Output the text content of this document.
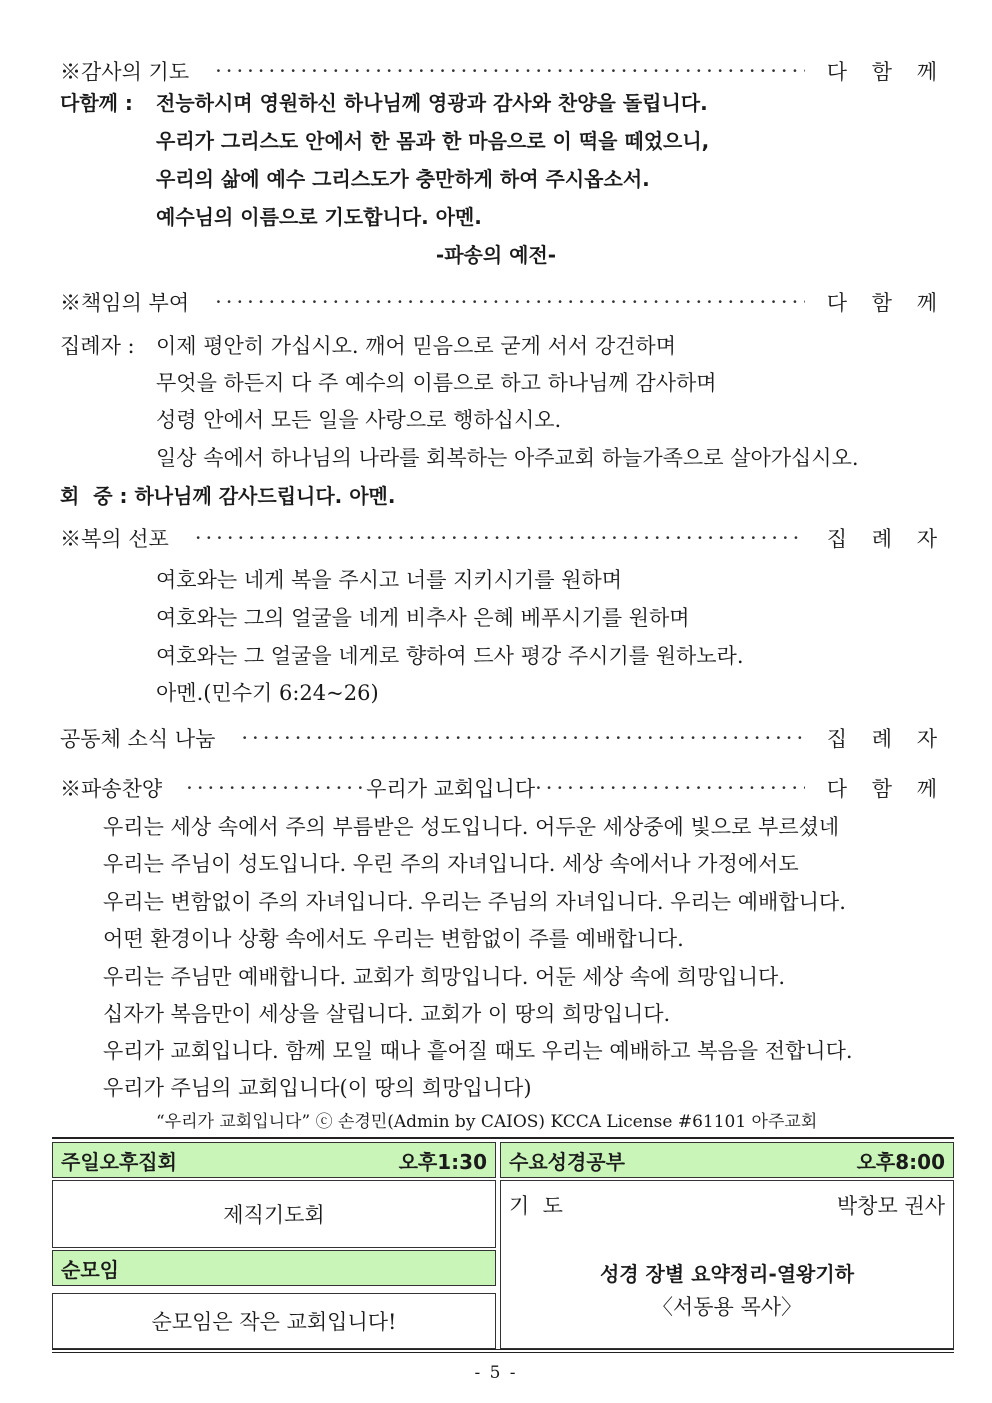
※감사의 기도 ·····	다 함 께
다함께 : 전능하시며 영원하신 하나님께 영광과 감사와 찬양을 돌립니다.
우리가 그리스도 안에서 한 몸과 한 마음으로 이 떡을 떼었으니,
우리의 삶에 예수 그리스도가 충만하게 하여 주시옵소서.
예수님의 이름으로 기도합니다. 아멘.
-파송의 예전-
※책임의 부여 ·····	다 함 께
집례자 : 이제 평안히 가십시오. 깨어 믿음으로 굳게 서서 강건하며
무엇을 하든지 다 주 예수의 이름으로 하고 하나님께 감사하며
성령 안에서 모든 일을 사랑으로 행하십시오.
일상 속에서 하나님의 나라를 회복하는 아주교회 하늘가족으로 살아가십시오.
회  중 : 하나님께 감사드립니다. 아멘.
※복의 선포 ·····	집 례 자
여호와는 네게 복을 주시고 너를 지키시기를 원하며
여호와는 그의 얼굴을 네게 비추사 은혜 베푸시기를 원하며
여호와는 그 얼굴을 네게로 향하여 드사 평강 주시기를 원하노라.
아멘.(민수기 6:24~26)
공동체 소식 나눔 ·····	집 례 자
※파송찬양 ·····	우리가 교회입니다 ·····	다 함 께
우리는 세상 속에서 주의 부름받은 성도입니다. 어두운 세상중에 빛으로 부르셨네
우리는 주님이 성도입니다. 우린 주의 자녀입니다. 세상 속에서나 가정에서도
우리는 변함없이 주의 자녀입니다. 우리는 주님의 자녀입니다. 우리는 예배합니다.
어떤 환경이나 상황 속에서도 우리는 변함없이 주를 예배합니다.
우리는 주님만 예배합니다. 교회가 희망입니다. 어둔 세상 속에 희망입니다.
십자가 복음만이 세상을 살립니다. 교회가 이 땅의 희망입니다.
우리가 교회입니다. 함께 모일 때나 흩어질 때도 우리는 예배하고 복음을 전합니다.
우리가 주님의 교회입니다(이 땅의 희망입니다)
“우리가 교회입니다” ⓒ 손경민(Admin by CAIOS) KCCA License #61101 아주교회
주일오후집회	오후1:30
제직기도회
순모임
순모임은 작은 교회입니다!
수요성경공부	오후8:00
기  도	박창모 권사
성경 장별 요약정리-열왕기하
〈서동용 목사〉
- 5 -
